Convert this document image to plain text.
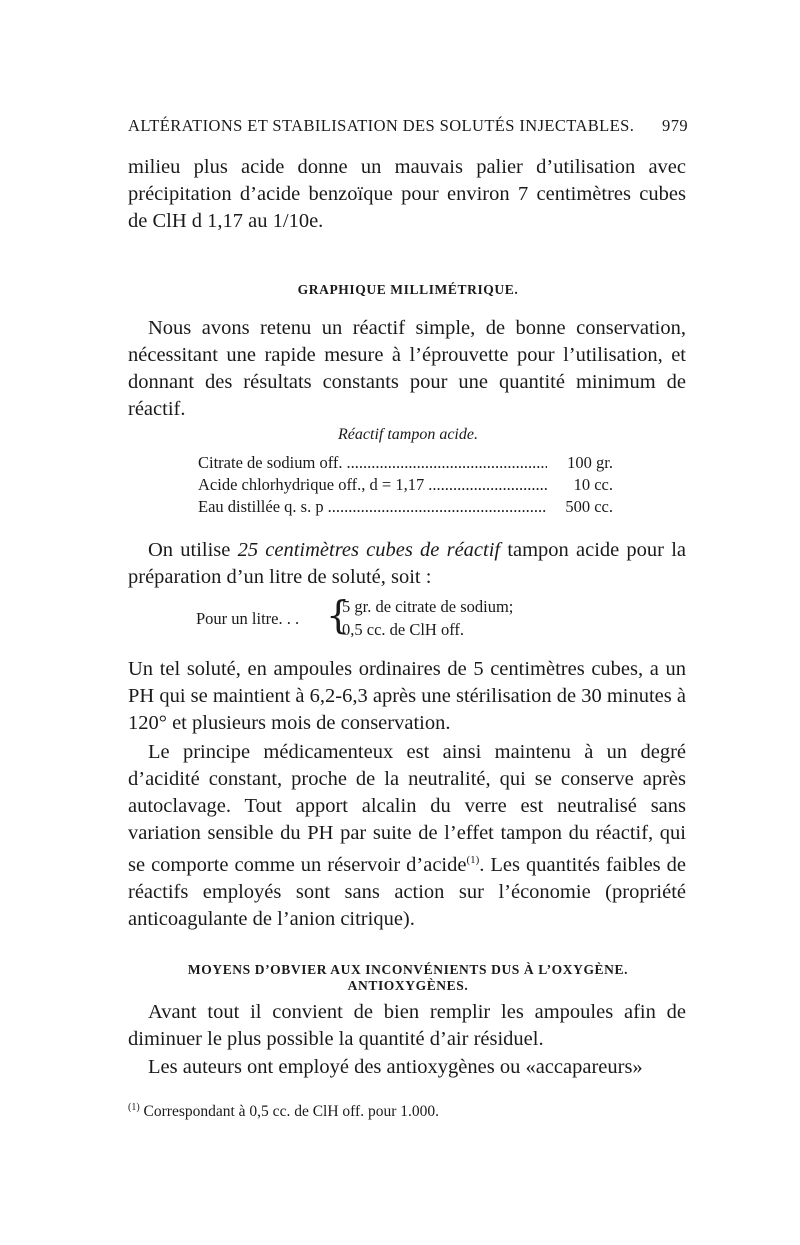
ALTÉRATIONS ET STABILISATION DES SOLUTÉS INJECTABLES. 979

milieu plus acide donne un mauvais palier d’utilisation avec précipitation d’acide benzoïque pour environ 7 centimètres cubes de ClH d 1,17 au 1/10e.

GRAPHIQUE MILLIMÉTRIQUE.

Nous avons retenu un réactif simple, de bonne conservation, nécessitant une rapide mesure à l’éprouvette pour l’utilisation, et donnant des résultats constants pour une quantité minimum de réactif.

Réactif tampon acide.
Citrate de sodium off. .....	100 gr.
Acide chlorhydrique off., d = 1,17 .....	10 cc.
Eau distillée q. s. p .....	500 cc.

On utilise 25 centimètres cubes de réactif tampon acide pour la préparation d’un litre de soluté, soit :

Pour un litre. . . {
5 gr. de citrate de sodium;
0,5 cc. de ClH off.

Un tel soluté, en ampoules ordinaires de 5 centimètres cubes, a un PH qui se maintient à 6,2-6,3 après une stérilisation de 30 minutes à 120° et plusieurs mois de conservation.

Le principe médicamenteux est ainsi maintenu à un degré d’acidité constant, proche de la neutralité, qui se conserve après autoclavage. Tout apport alcalin du verre est neutralisé sans variation sensible du PH par suite de l’effet tampon du réactif, qui se comporte comme un réservoir d’acide$^{(1)}$. Les quantités faibles de réactifs employés sont sans action sur l’économie (propriété anticoagulante de l’anion citrique).

MOYENS D’OBVIER AUX INCONVÉNIENTS DUS À L’OXYGÈNE. ANTIOXYGÈNES.

Avant tout il convient de bien remplir les ampoules afin de diminuer le plus possible la quantité d’air résiduel.

Les auteurs ont employé des antioxygènes ou «accapareurs»

$^{(1)}$ Correspondant à 0,5 cc. de ClH off. pour 1.000.
